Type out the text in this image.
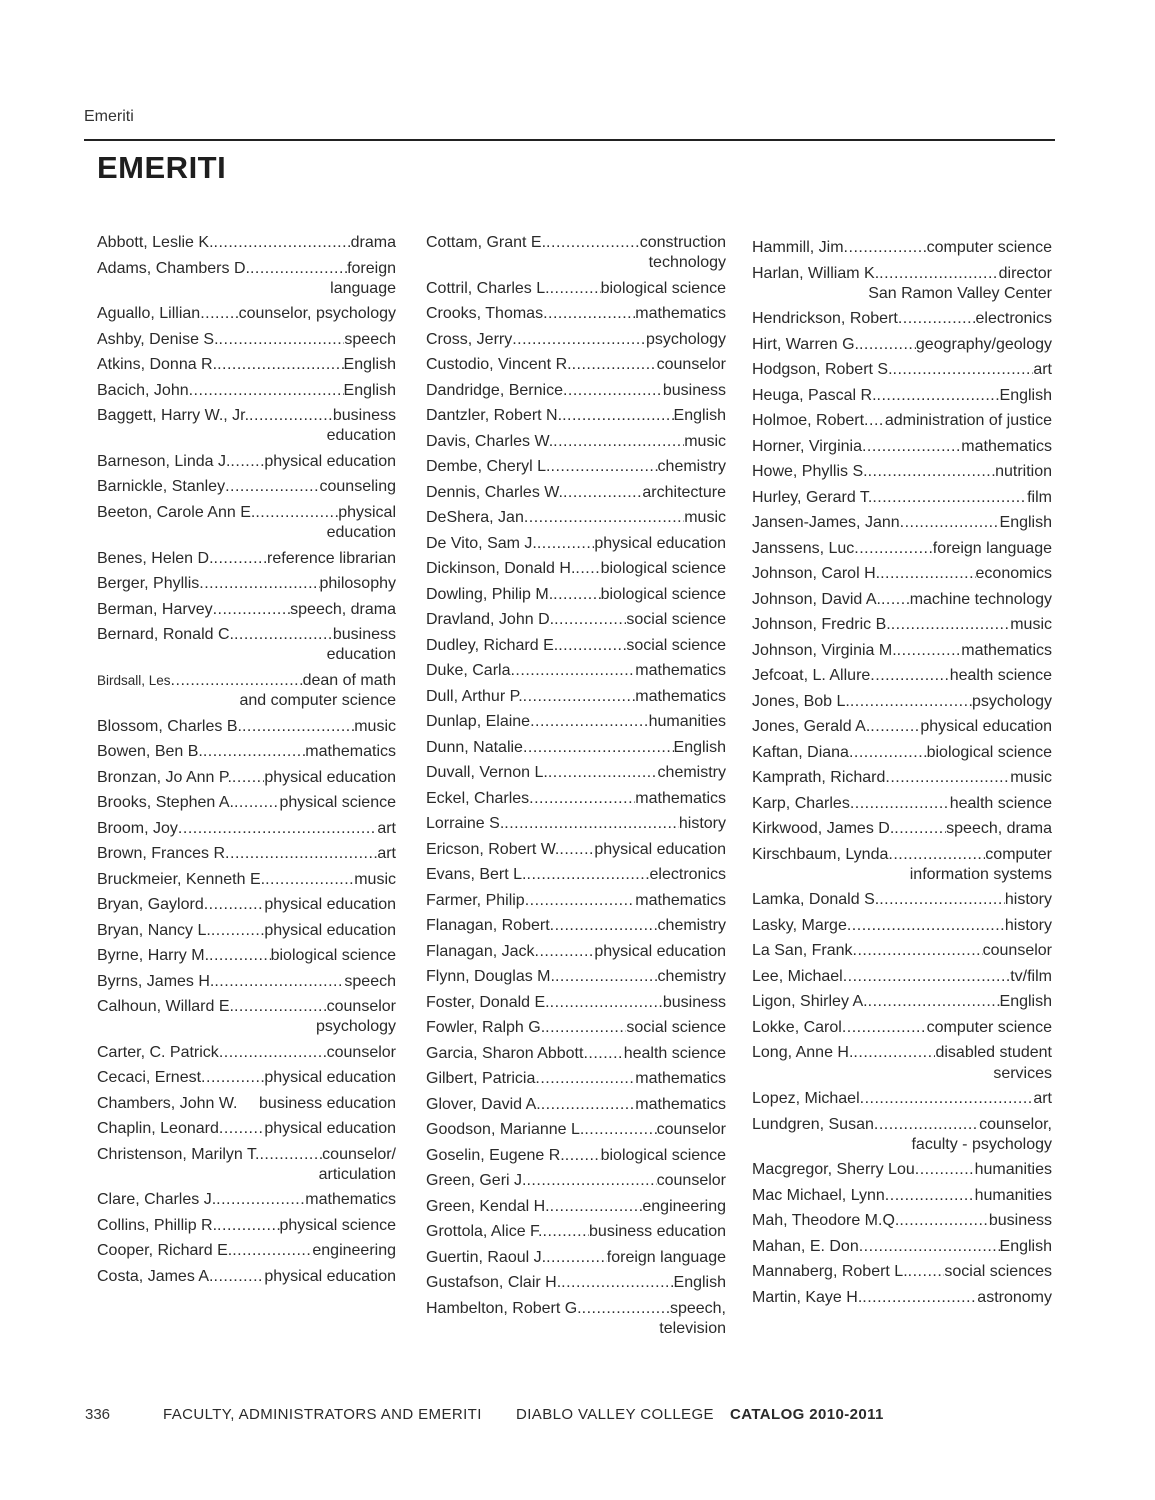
Emeriti
EMERITI
Abbott, Leslie K. .....	drama
Adams, Chambers D. .....	foreign
language
Aguallo, Lillian ..... counselor, psychology
Ashby, Denise S. .....	speech
Atkins, Donna R. .....	English
Bacich, John .....	English
Baggett, Harry W., Jr. .....	business
education
Barneson, Linda J. ..... physical education
Barnickle, Stanley .....	counseling
Beeton, Carole Ann E. .....	physical
education
Benes, Helen D. .....	reference librarian
Berger, Phyllis .....	philosophy
Berman, Harvey .....	speech, drama
Bernard, Ronald C. .....	business
education
Birdsall, Les .....	dean of math
and computer science
Blossom, Charles B. .....	music
Bowen, Ben B. .....	mathematics
Bronzan, Jo Ann P. ..... physical education
Brooks, Stephen A. .....	physical science
Broom, Joy .....	art
Brown, Frances R .....	art
Bruckmeier, Kenneth E. .....	music
Bryan, Gaylord .....	physical education
Bryan, Nancy L. .....	physical education
Byrne, Harry M. .....	biological science
Byrns, James H. .....	speech
Calhoun, Willard E. .....	counselor
psychology
Carter, C. Patrick .....	counselor
Cecaci, Ernest .....	physical education
Chambers, John W. business education
Chaplin, Leonard .....	physical education
Christenson, Marilyn T. .....	counselor/
articulation
Clare, Charles J. .....	mathematics
Collins, Phillip R. .....	physical science
Cooper, Richard E. .....	engineering
Costa, James A. .....	physical education
Cottam, Grant E. .....	construction
technology
Cottril, Charles L. .....	biological science
Crooks, Thomas .....	mathematics
Cross, Jerry .....	psychology
Custodio, Vincent R. .....	counselor
Dandridge, Bernice .....	business
Dantzler, Robert N. .....	English
Davis, Charles W. .....	music
Dembe, Cheryl L. .....	chemistry
Dennis, Charles W. .....	architecture
DeShera, Jan .....	music
De Vito, Sam J. .....	physical education
Dickinson, Donald H. ..... biological science
Dowling, Philip M. .....	biological science
Dravland, John D. .....	social science
Dudley, Richard E. .....	social science
Duke, Carla .....	mathematics
Dull, Arthur P. .....	mathematics
Dunlap, Elaine .....	humanities
Dunn, Natalie .....	English
Duvall, Vernon L. .....	chemistry
Eckel, Charles .....	mathematics
Lorraine S. .....	history
Ericson, Robert W. ..... physical education
Evans, Bert L. .....	electronics
Farmer, Philip .....	mathematics
Flanagan, Robert .....	chemistry
Flanagan, Jack .....	physical education
Flynn, Douglas M. .....	chemistry
Foster, Donald E. .....	business
Fowler, Ralph G. .....	social science
Garcia, Sharon Abbott .....	health science
Gilbert, Patricia .....	mathematics
Glover, David A. .....	mathematics
Goodson, Marianne L. .....	counselor
Goselin, Eugene R. ..... biological science
Green, Geri J. .....	counselor
Green, Kendal H. .....	engineering
Grottola, Alice F. .....	business education
Guertin, Raoul J. .....	foreign language
Gustafson, Clair H. .....	English
Hambelton, Robert G. .....	speech,
television
Hammill, Jim .....	computer science
Harlan, William K. .....	director
San Ramon Valley Center
Hendrickson, Robert .....	electronics
Hirt, Warren G. .....	geography/geology
Hodgson, Robert S. .....	art
Heuga, Pascal R. .....	English
Holmoe, Robert ..... administration of justice
Horner, Virginia .....	mathematics
Howe, Phyllis S. .....	nutrition
Hurley, Gerard T. .....	film
Jansen-James, Jann .....	English
Janssens, Luc .....	foreign language
Johnson, Carol H. .....	economics
Johnson, David A. ..... machine technology
Johnson, Fredric B. .....	music
Johnson, Virginia M. .....	mathematics
Jefcoat, L. Allure .....	health science
Jones, Bob L. .....	psychology
Jones, Gerald A. .....	physical education
Kaftan, Diana .....	biological science
Kamprath, Richard .....	music
Karp, Charles .....	health science
Kirkwood, James D. .....	speech, drama
Kirschbaum, Lynda .....	computer
information systems
Lamka, Donald S. .....	history
Lasky, Marge .....	history
La San, Frank .....	counselor
Lee, Michael .....	tv/film
Ligon, Shirley A. .....	English
Lokke, Carol .....	computer science
Long, Anne H. .....	disabled student
services
Lopez, Michael .....	art
Lundgren, Susan .....	counselor,
faculty - psychology
Macgregor, Sherry Lou .....	humanities
Mac Michael, Lynn .....	humanities
Mah, Theodore M.Q. .....	business
Mahan, E. Don .....	English
Mannaberg, Robert L. ..... social sciences
Martin, Kaye H. .....	astronomy
336	FACULTY, ADMINISTRATORS AND EMERITI DIABLO VALLEY COLLEGE CATALOG 2010-2011
